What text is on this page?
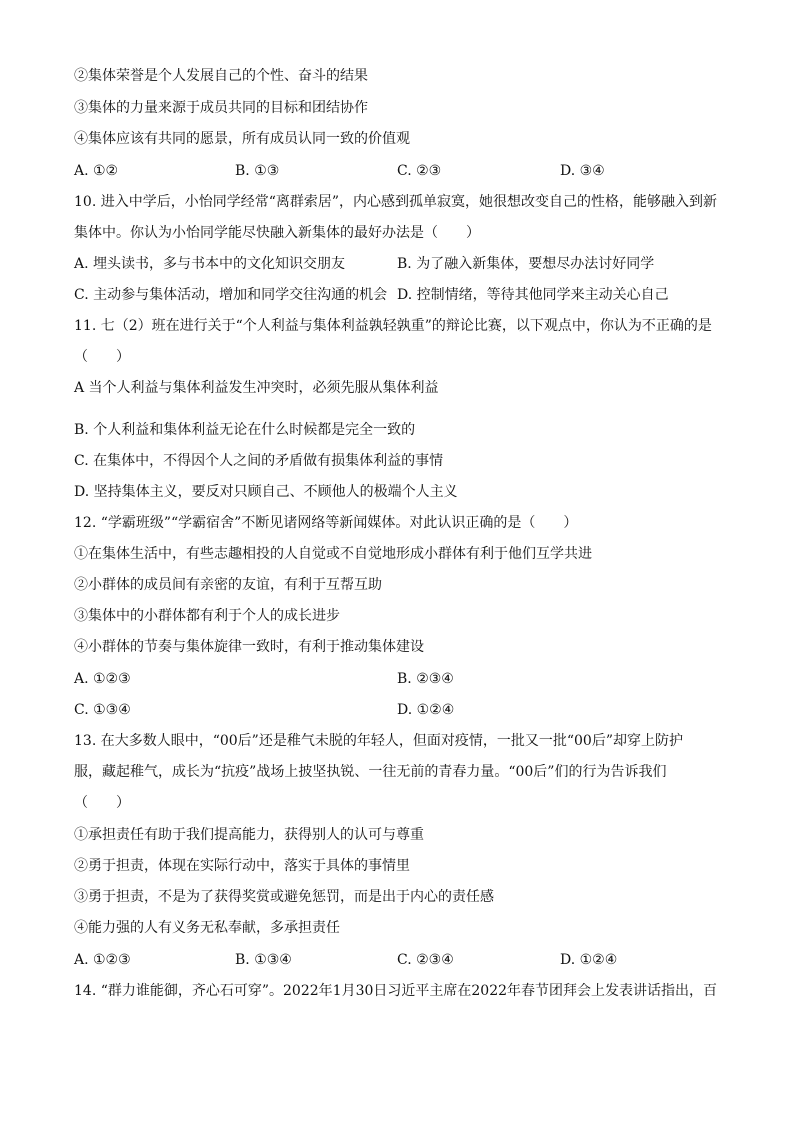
②集体荣誉是个人发展自己的个性、奋斗的结果
③集体的力量来源于成员共同的目标和团结协作
④集体应该有共同的愿景，所有成员认同一致的价值观
A. ①②	B. ①③	C. ②③	D. ③④
10. 进入中学后，小怡同学经常“离群索居”，内心感到孤单寂寞，她很想改变自己的性格，能够融入到新
集体中。你认为小怡同学能尽快融入新集体的最好办法是（　　）
A. 埋头读书，多与书本中的文化知识交朋友	B. 为了融入新集体，要想尽办法讨好同学
C. 主动参与集体活动，增加和同学交往沟通的机会 D. 控制情绪，等待其他同学来主动关心自己
11. 七（2）班在进行关于“个人利益与集体利益孰轻孰重”的辩论比赛，以下观点中，你认为不正确的是
（　　）
A 当个人利益与集体利益发生冲突时，必须先服从集体利益
B. 个人利益和集体利益无论在什么时候都是完全一致的
C. 在集体中，不得因个人之间的矛盾做有损集体利益的事情
D. 坚持集体主义，要反对只顾自己、不顾他人的极端个人主义
12. “学霸班级”“学霸宿舍”不断见诸网络等新闻媒体。对此认识正确的是（　　）
①在集体生活中，有些志趣相投的人自觉或不自觉地形成小群体有利于他们互学共进
②小群体的成员间有亲密的友谊，有利于互帮互助
③集体中的小群体都有利于个人的成长进步
④小群体的节奏与集体旋律一致时，有利于推动集体建设
A. ①②③	B. ②③④
C. ①③④	D. ①②④
13. 在大多数人眼中，“00后”还是稚气未脱的年轻人，但面对疫情，一批又一批“00后”却穿上防护
服，藏起稚气，成长为“抗疫”战场上披坚执锐、一往无前的青春力量。“00后”们的行为告诉我们
（　　）
①承担责任有助于我们提高能力，获得别人的认可与尊重
②勇于担责，体现在实际行动中，落实于具体的事情里
③勇于担责，不是为了获得奖赏或避免惩罚，而是出于内心的责任感
④能力强的人有义务无私奉献，多承担责任
A. ①②③	B. ①③④	C. ②③④	D. ①②④
14. “群力谁能御，齐心石可穿”。2022年1月30日习近平主席在2022年春节团拜会上发表讲话指出，百
